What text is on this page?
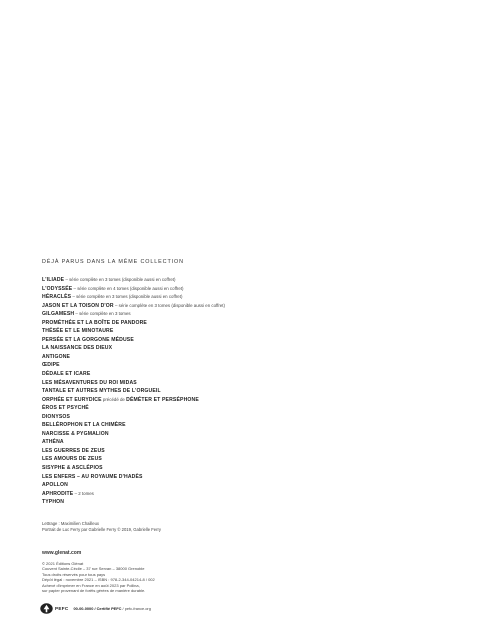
DÉJÀ PARUS DANS LA MÊME COLLECTION
L'ILIADE – série complète en 3 tomes (disponible aussi en coffret)
L'ODYSSÉE – série complète en 4 tomes (disponible aussi en coffret)
HÉRACLÈS – série complète en 3 tomes (disponible aussi en coffret)
JASON ET LA TOISON D'OR – série complète en 3 tomes (disponible aussi en coffret)
GILGAMESH – série complète en 3 tomes
PROMÉTHÉE ET LA BOÎTE DE PANDORE
THÉSÉE ET LE MINOTAURE
PERSÉE ET LA GORGONE MÉDUSE
LA NAISSANCE DES DIEUX
ANTIGONE
ŒDIPE
DÉDALE ET ICARE
LES MÉSAVENTURES DU ROI MIDAS
TANTALE ET AUTRES MYTHES DE L'ORGUEIL
ORPHÉE ET EURYDICE précédé de DÉMÉTER ET PERSÉPHONE
ÉROS ET PSYCHÉ
DIONYSOS
BELLÉROPHON ET LA CHIMÈRE
NARCISSE & PYGMALION
ATHÉNA
LES GUERRES DE ZEUS
LES AMOURS DE ZEUS
SISYPHE & ASCLÉPIOS
LES ENFERS – AU ROYAUME D'HADÈS
APOLLON
APHRODITE – 2 tomes
TYPHON
Lettrage : Maximilien Chailleux
Portrait de Luc Ferry par Gabrielle Ferry © 2019, Gabrielle Ferry
www.glenat.com
© 2021 Éditions Glénat
Couvent Sainte-Cécile – 37 rue Servan – 38000 Grenoble
Tous droits réservés pour tous pays
Dépôt légal : novembre 2021 – ISBN : 978-2-344-04214-8 / 002
Achevé d'imprimer en France en août 2023 par Pollina,
sur papier provenant de forêts gérées de manière durable.
PEFC 00-00-0000 / Certifié PEFC / pefc-france.org
